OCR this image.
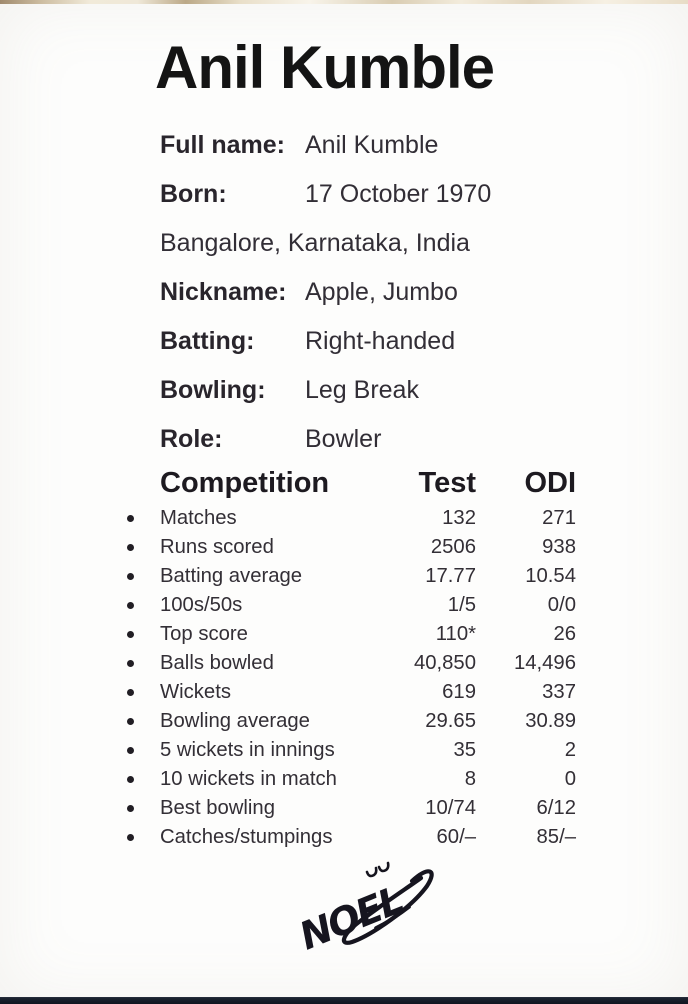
Anil Kumble
Full name: Anil Kumble
Born:	17 October 1970
Bangalore, Karnataka, India
Nickname: Apple, Jumbo
Batting:	Right-handed
Bowling:	Leg Break
Role:	Bowler
Competition	Test	ODI
Matches	132	271
Runs scored	2506	938
Batting average	17.77	10.54
100s/50s	1/5	0/0
Top score	110*	26
Balls bowled	40,850	14,496
Wickets	619	337
Bowling average	29.65	30.89
5 wickets in innings	35	2
10 wickets in match	8	0
Best bowling	10/74	6/12
Catches/stumpings	60/–	85/–
NOEL
